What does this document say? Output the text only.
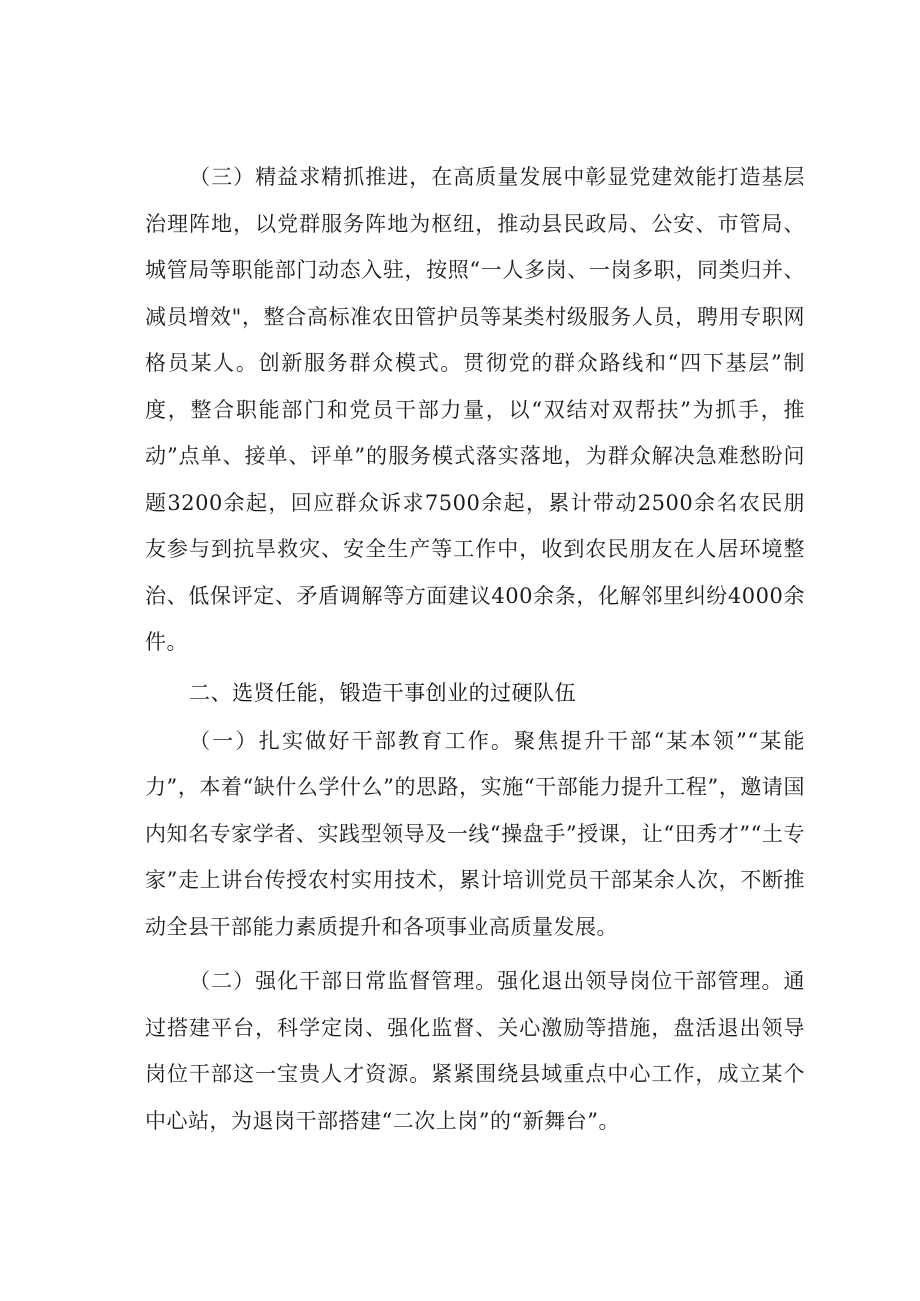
（三）精益求精抓推进，在高质量发展中彰显党建效能打造基层治理阵地，以党群服务阵地为枢纽，推动县民政局、公安、市管局、城管局等职能部门动态入驻，按照“一人多岗、一岗多职，同类归并、减员增效"，整合高标准农田管护员等某类村级服务人员，聘用专职网格员某人。创新服务群众模式。贯彻党的群众路线和“四下基层”制度，整合职能部门和党员干部力量，以“双结对双帮扶”为抓手，推动”点单、接单、评单”的服务模式落实落地，为群众解决急难愁盼问题3200余起，回应群众诉求7500余起，累计带动2500余名农民朋友参与到抗旱救灾、安全生产等工作中，收到农民朋友在人居环境整治、低保评定、矛盾调解等方面建议400余条，化解邻里纠纷4000余件。

二、选贤任能，锻造干事创业的过硬队伍

（一）扎实做好干部教育工作。聚焦提升干部“某本领”“某能力”，本着“缺什么学什么”的思路，实施“干部能力提升工程”，邀请国内知名专家学者、实践型领导及一线“操盘手”授课，让“田秀才”“土专家”走上讲台传授农村实用技术，累计培训党员干部某余人次，不断推动全县干部能力素质提升和各项事业高质量发展。

（二）强化干部日常监督管理。强化退出领导岗位干部管理。通过搭建平台，科学定岗、强化监督、关心激励等措施，盘活退出领导岗位干部这一宝贵人才资源。紧紧围绕县域重点中心工作，成立某个中心站，为退岗干部搭建“二次上岗”的“新舞台”。
